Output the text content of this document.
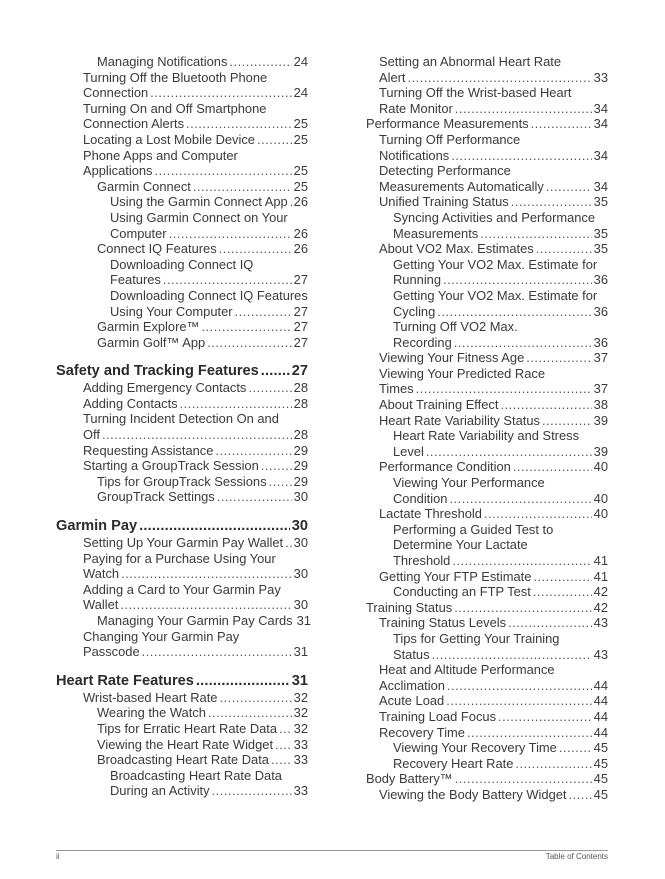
Managing Notifications .....	24
Turning Off the Bluetooth Phone
Connection .....	24
Turning On and Off Smartphone
Connection Alerts .....	25
Locating a Lost Mobile Device .....	25
Phone Apps and Computer
Applications .....	25
Garmin Connect .....	25
Using the Garmin Connect App ..... 26
Using Garmin Connect on Your
Computer .....	26
Connect IQ Features .....	26
Downloading Connect IQ
Features .....	27
Downloading Connect IQ Features
Using Your Computer .....	27
Garmin Explore™ .....	27
Garmin Golf™ App .....	27
Safety and Tracking Features ..... 27
Adding Emergency Contacts .....	28
Adding Contacts .....	28
Turning Incident Detection On and
Off .....	28
Requesting Assistance .....	29
Starting a GroupTrack Session .....	29
Tips for GroupTrack Sessions ..... 29
GroupTrack Settings .....	30
Garmin Pay .....	30
Setting Up Your Garmin Pay Wallet ..... 30
Paying for a Purchase Using Your
Watch .....	30
Adding a Card to Your Garmin Pay
Wallet .....	30
Managing Your Garmin Pay Cards 31
Changing Your Garmin Pay
Passcode .....	31
Heart Rate Features .....	31
Wrist-based Heart Rate .....	32
Wearing the Watch .....	32
Tips for Erratic Heart Rate Data ..... 32
Viewing the Heart Rate Widget ..... 33
Broadcasting Heart Rate Data ..... 33
Broadcasting Heart Rate Data
During an Activity .....	33
Setting an Abnormal Heart Rate
Alert .....	33
Turning Off the Wrist-based Heart
Rate Monitor .....	34
Performance Measurements .....	34
Turning Off Performance
Notifications .....	34
Detecting Performance
Measurements Automatically .....	34
Unified Training Status .....	35
Syncing Activities and Performance
Measurements .....	35
About VO2 Max. Estimates .....	35
Getting Your VO2 Max. Estimate for
Running .....	36
Getting Your VO2 Max. Estimate for
Cycling .....	36
Turning Off VO2 Max.
Recording .....	36
Viewing Your Fitness Age .....	37
Viewing Your Predicted Race
Times .....	37
About Training Effect .....	38
Heart Rate Variability Status .....	39
Heart Rate Variability and Stress
Level .....	39
Performance Condition .....	40
Viewing Your Performance
Condition .....	40
Lactate Threshold .....	40
Performing a Guided Test to
Determine Your Lactate
Threshold .....	41
Getting Your FTP Estimate .....	41
Conducting an FTP Test .....	42
Training Status .....	42
Training Status Levels .....	43
Tips for Getting Your Training
Status .....	43
Heat and Altitude Performance
Acclimation .....	44
Acute Load .....	44
Training Load Focus .....	44
Recovery Time .....	44
Viewing Your Recovery Time .....	45
Recovery Heart Rate .....	45
Body Battery™ .....	45
Viewing the Body Battery Widget ..... 45
ii	Table of Contents
